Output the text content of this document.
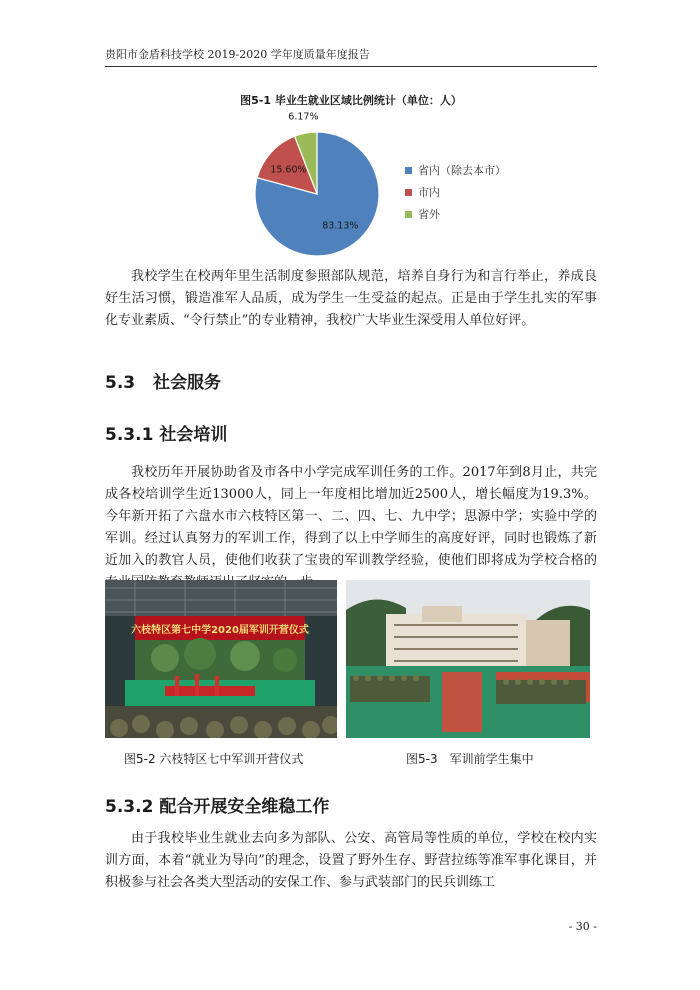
贵阳市金盾科技学校 2019-2020 学年度质量年度报告
图5-1 毕业生就业区域比例统计（单位：人）
83.13%
15.60%
6.17%
省内（除去本市）
市内
省外

我校学生在校两年里生活制度参照部队规范，培养自身行为和言行举止，养成良好生活习惯，锻造准军人品质，成为学生一生受益的起点。正是由于学生扎实的军事化专业素质、“令行禁止”的专业精神，我校广大毕业生深受用人单位好评。

5.3 社会服务
5.3.1 社会培训

我校历年开展协助省及市各中小学完成军训任务的工作。2017年到8月止，共完成各校培训学生近13000人，同上一年度相比增加近2500人，增长幅度为19.3%。今年新开拓了六盘水市六枝特区第一、二、四、七、九中学；思源中学；实验中学的军训。经过认真努力的军训工作，得到了以上中学师生的高度好评，同时也锻炼了新近加入的教官人员，使他们收获了宝贵的军训教学经验，使他们即将成为学校合格的

六枝特区第七中学2020届军训开营仪式
图5-2 六枝特区七中军训开营仪式	图5-3　军训前学生集中
5.3.2 配合开展安全维稳工作

由于我校毕业生就业去向多为部队、公安、高管局等性质的单位，学校在校内实训方面，本着“就业为导向”的理念，设置了野外生存、野营拉练等准军事化课目，并积极参与社会各类大型活动的安保工作、参与武装部门的民兵训练工

- 30 -
